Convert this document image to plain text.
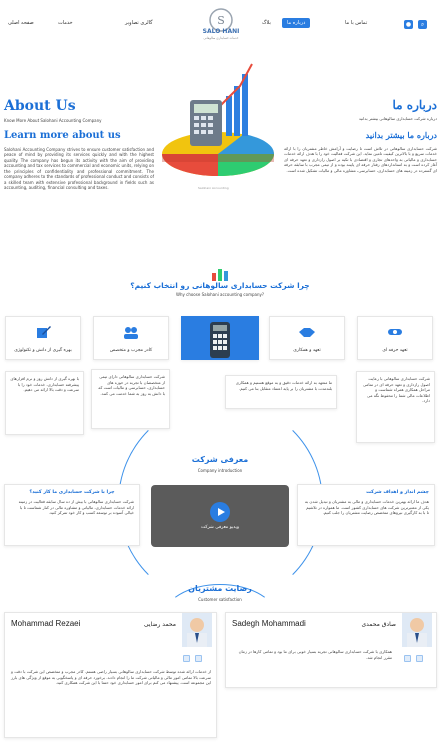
صفحه اصلی	خدمات	گالری تصاویر	S
SALO HANI
خدمات حسابداری سالوهانی
بلاگ	درباره ما	تماس با ما	⌕
●
About Us
Know More About Salohani Accounting Company
Learn more about us
Salohani Accounting Company strives to ensure customer satisfaction and peace of mind by providing its services quickly and with the highest quality. The company has begun its activity with the aim of providing accounting and tax services to commercial and economic units, relying on the principles of confidentiality and professional commitment. The company adheres to the standards of professional conduct and consists of a skilled team with extensive professional background in fields such as accounting, auditing, financial consulting and taxes.	Salohani Accounting
درباره ما
درباره شرکت حسابداری سالوهانی بیشتر بدانید
درباره ما بیشتر بدانید
شرکت حسابداری سالوهانی در تلاش است تا رضایت و آرامش خاطر مشتریان را با ارائه خدمات سریع و با بالاترین کیفیت تامین نماید. این شرکت فعالیت خود را با هدف ارائه خدمات حسابداری و مالیاتی به واحدهای تجاری و اقتصادی با تکیه بر اصول رازداری و تعهد حرفه ای آغاز کرده است و به استانداردهای رفتار حرفه ای پایبند بوده و از تیمی مجرب با سابقه حرفه ای گسترده در زمینه های حسابداری، حسابرسی، مشاوره مالی و مالیات تشکیل شده است.
چرا شرکت حسابداری سالوهانی رو انتخاب کنیم؟
Why choose Salohani accounting company?
بهره گیری از دانش و تکنولوژی	کادر مجرب و متخصص	تعهد و همکاری	تعهد حرفه ای
با بهره گیری از دانش روز و نرم افزارهای پیشرفته حسابداری، خدمات خود را با سرعت و دقت بالا ارائه می دهیم.
شرکت حسابداری سالوهانی دارای تیمی از متخصصان با تجربه در حوزه های حسابداری، حسابرسی و مالیات است که با دانش به روز به شما خدمت می کنند.
ما متعهد به ارائه خدمات دقیق و به موقع هستیم و همکاری بلندمدت با مشتریان را بر پایه اعتماد متقابل بنا می کنیم.
شرکت حسابداری سالوهانی با رعایت اصول رازداری و تعهد حرفه ای در تمامی مراحل همکاری همراه شماست و اطلاعات مالی شما را محفوظ نگه می دارد.
معرفی شرکت
Company introduction
چرا با شرکت حسابداری ما کار کنید؟
شرکت حسابداری سالوهانی با بیش از ده سال سابقه فعالیت در زمینه ارائه خدمات حسابداری، مالیاتی و مشاوره مالی در کنار شماست تا با خیالی آسوده بر توسعه کسب و کار خود تمرکز کنید.
ویدیو معرفی شرکت
چشم انداز و اهداف شرکت
هدف ما ارائه بهترین خدمات حسابداری و مالی به مشتریان و تبدیل شدن به یکی از معتبرترین شرکت های حسابداری کشور است. ما همواره در تلاشیم تا با به کارگیری نیروهای متخصص رضایت مشتریان را جلب کنیم.
رضایت مشتریان
Customer satisfaction
Mohammad Rezaei	محمد رضایی
از خدمات ارائه شده توسط شرکت حسابداری سالوهانی بسیار راضی هستم. کادر مجرب و متخصص این شرکت با دقت و سرعت بالا تمامی امور مالی و مالیاتی شرکت ما را انجام دادند. برخورد حرفه ای و پاسخگویی به موقع از ویژگی های بارز این مجموعه است. پیشنهاد می کنم برای امور حسابداری خود حتما با این شرکت همکاری کنید.
Sadegh Mohammadi	صادق محمدی
همکاری با شرکت حسابداری سالوهانی تجربه بسیار خوبی برای ما بود و تمامی کارها در زمان مقرر انجام شد.
